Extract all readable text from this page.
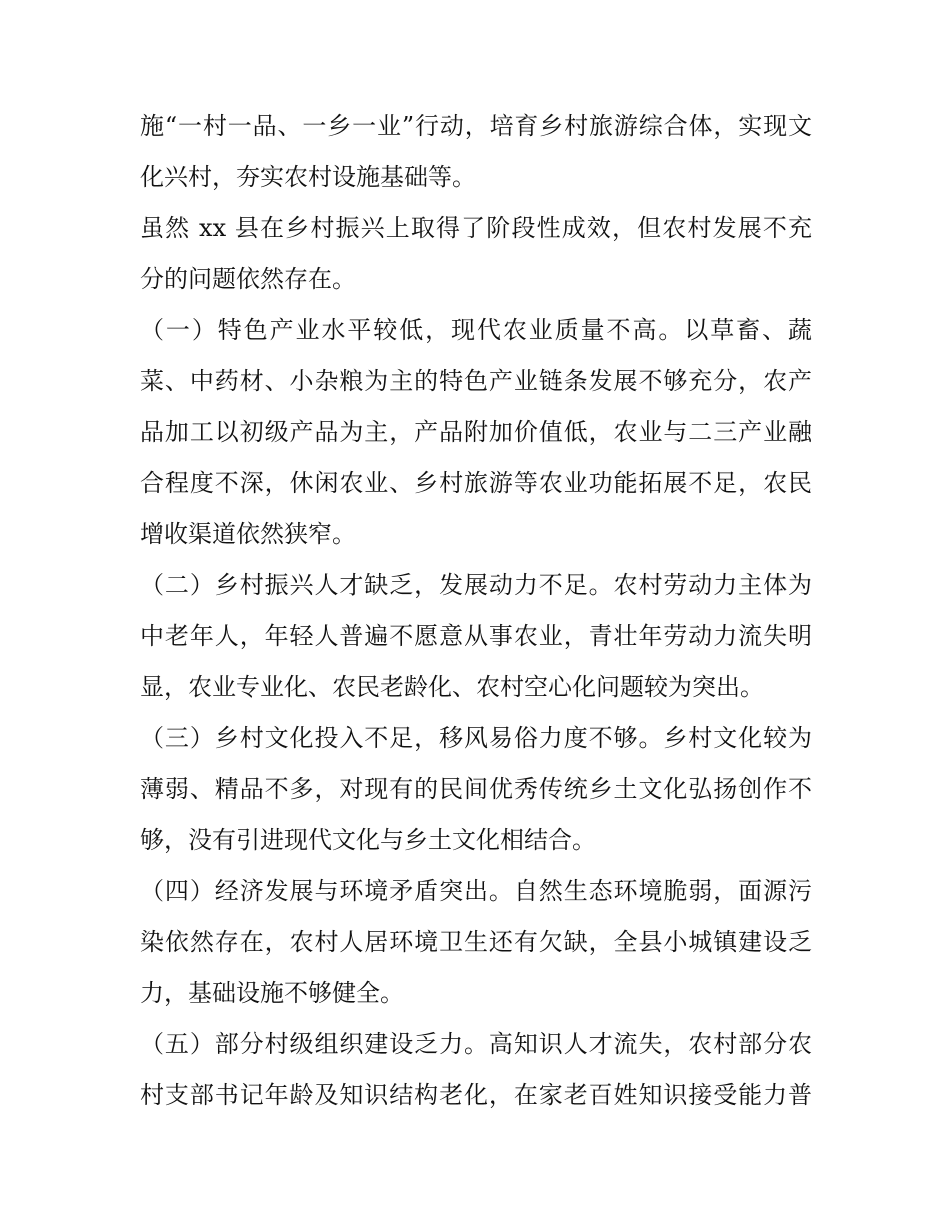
施“一村一品、一乡一业”行动，培育乡村旅游综合体，实现文
化兴村，夯实农村设施基础等。
虽然 xx 县在乡村振兴上取得了阶段性成效，但农村发展不充
分的问题依然存在。
（一）特色产业水平较低，现代农业质量不高。以草畜、蔬
菜、中药材、小杂粮为主的特色产业链条发展不够充分，农产
品加工以初级产品为主，产品附加价值低，农业与二三产业融
合程度不深，休闲农业、乡村旅游等农业功能拓展不足，农民
增收渠道依然狭窄。
（二）乡村振兴人才缺乏，发展动力不足。农村劳动力主体为
中老年人，年轻人普遍不愿意从事农业，青壮年劳动力流失明
显，农业专业化、农民老龄化、农村空心化问题较为突出。
（三）乡村文化投入不足，移风易俗力度不够。乡村文化较为
薄弱、精品不多，对现有的民间优秀传统乡土文化弘扬创作不
够，没有引进现代文化与乡土文化相结合。
（四）经济发展与环境矛盾突出。自然生态环境脆弱，面源污
染依然存在，农村人居环境卫生还有欠缺，全县小城镇建设乏
力，基础设施不够健全。
（五）部分村级组织建设乏力。高知识人才流失，农村部分农
村支部书记年龄及知识结构老化，在家老百姓知识接受能力普
